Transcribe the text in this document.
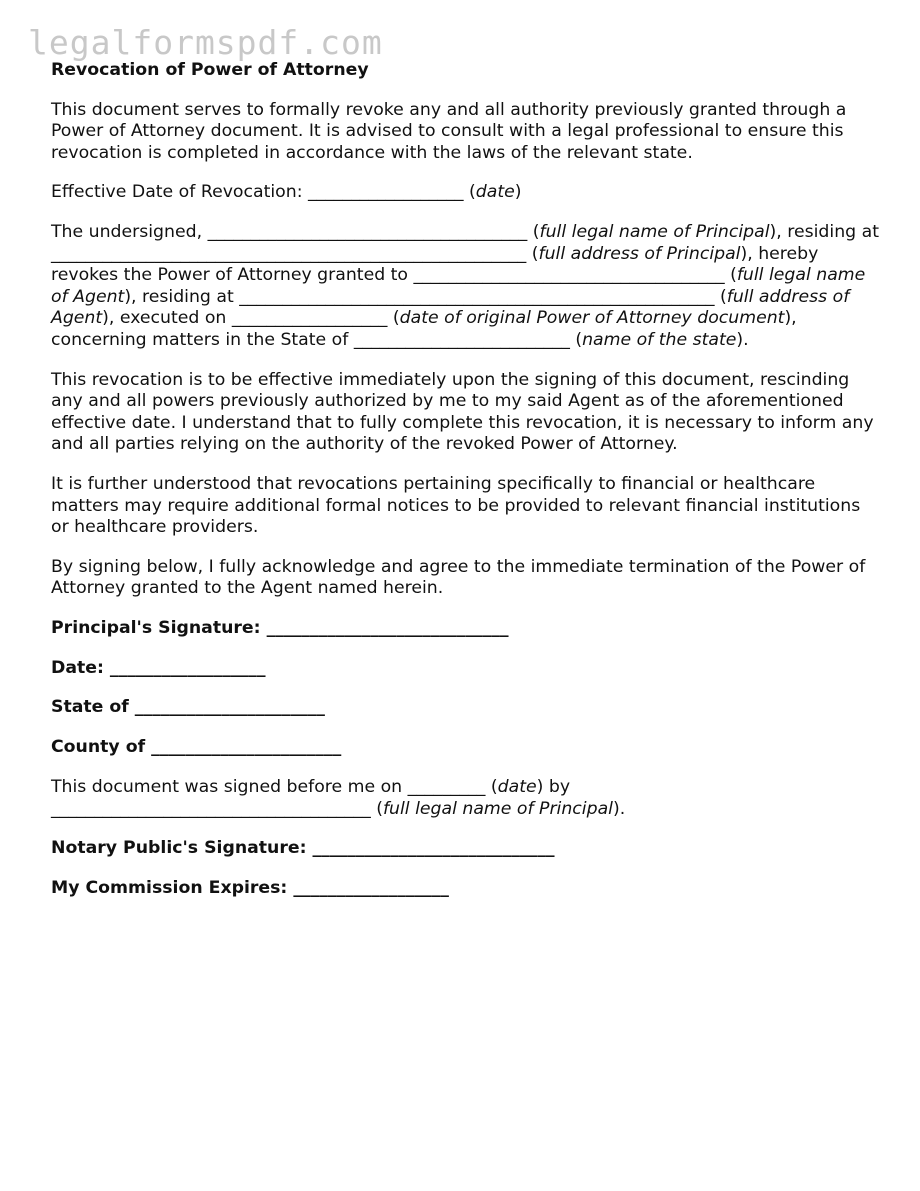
legalformspdf.com
Revocation of Power of Attorney

This document serves to formally revoke any and all authority previously granted through a Power of Attorney document. It is advised to consult with a legal professional to ensure this revocation is completed in accordance with the laws of the relevant state.

Effective Date of Revocation: __________________ (date)

The undersigned, _____________________________________ (full legal name of Principal), residing at _______________________________________________________ (full address of Principal), hereby revokes the Power of Attorney granted to ____________________________________ (full legal name of Agent), residing at _______________________________________________________ (full address of Agent), executed on __________________ (date of original Power of Attorney document), concerning matters in the State of _________________________ (name of the state).

This revocation is to be effective immediately upon the signing of this document, rescinding any and all powers previously authorized by me to my said Agent as of the aforementioned effective date. I understand that to fully complete this revocation, it is necessary to inform any and all parties relying on the authority of the revoked Power of Attorney.

It is further understood that revocations pertaining specifically to financial or healthcare matters may require additional formal notices to be provided to relevant financial institutions or healthcare providers.

By signing below, I fully acknowledge and agree to the immediate termination of the Power of Attorney granted to the Agent named herein.

Principal's Signature: ____________________________
Date: __________________
State of ______________________
County of ______________________

This document was signed before me on _________ (date) by _____________________________________ (full legal name of Principal).

Notary Public's Signature: ____________________________
My Commission Expires: __________________
